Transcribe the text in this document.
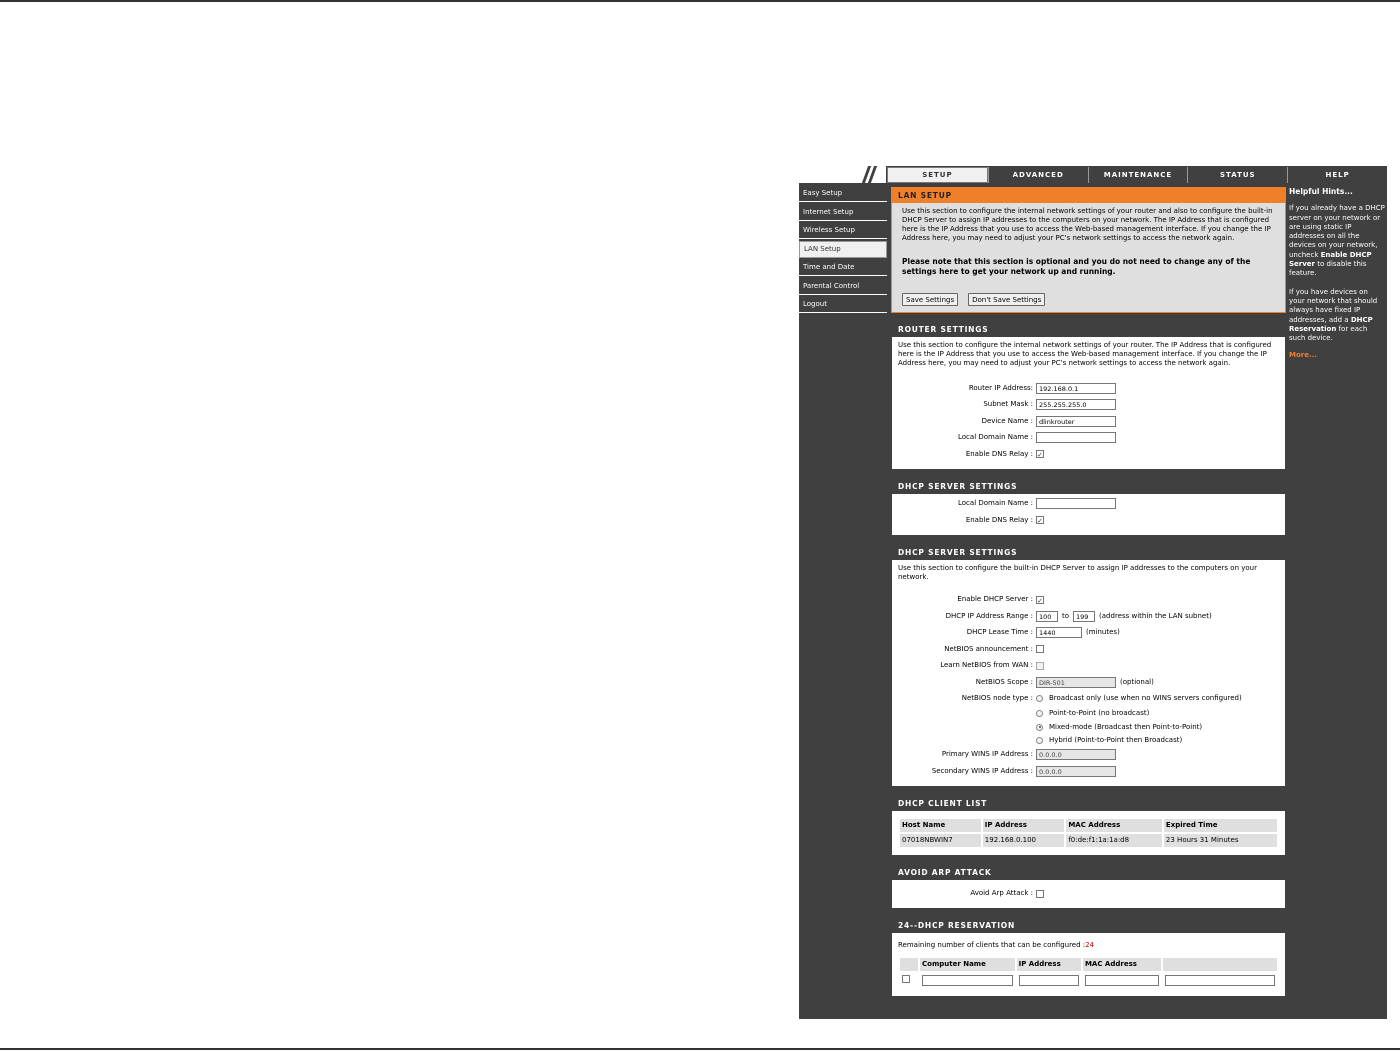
SETUP	ADVANCED	MAINTENANCE	STATUS	HELP
Easy Setup
Internet Setup
Wireless Setup
LAN Setup
Time and Date
Parental Control
Logout
LAN SETUP
Use this section to configure the internal network settings of your router and also to configure the built-in DHCP Server to assign IP addresses to the computers on your network. The IP Address that is configured here is the IP Address that you use to access the Web-based management interface. If you change the IP Address here, you may need to adjust your PC's network settings to access the network again.
Please note that this section is optional and you do not need to change any of the settings here to get your network up and running.
Save Settings	Don't Save Settings
ROUTER SETTINGS
Use this section to configure the internal network settings of your router. The IP Address that is configured here is the IP Address that you use to access the Web-based management interface. If you change the IP Address here, you may need to adjust your PC's network settings to access the network again.
Router IP Address: 192.168.0.1
Subnet Mask : 255.255.255.0
Device Name : dlinkrouter
Local Domain Name :
Enable DNS Relay : ✓
DHCP SERVER SETTINGS
Local Domain Name :
Enable DNS Relay : ✓
DHCP SERVER SETTINGS
Use this section to configure the built-in DHCP Server to assign IP addresses to the computers on your network.
Enable DHCP Server : ✓
DHCP IP Address Range : 100	to	199	(address within the LAN subnet)
DHCP Lease Time : 1440	(minutes)
NetBIOS announcement :
Learn NetBIOS from WAN :
NetBIOS Scope : DIR-501	(optional)
NetBIOS node type :	Broadcast only (use when no WINS servers configured)
Point-to-Point (no broadcast)
Mixed-mode (Broadcast then Point-to-Point)
Hybrid (Point-to-Point then Broadcast)
Primary WINS IP Address : 0.0.0.0
Secondary WINS IP Address : 0.0.0.0
DHCP CLIENT LIST
Host Name	IP Address	MAC Address	Expired Time
07018NBWIN7	192.168.0.100	f0:de:f1:1a:1a:d8	23 Hours 31 Minutes
AVOID ARP ATTACK
Avoid Arp Attack :
24--DHCP RESERVATION
Remaining number of clients that can be configured :24
	Computer Name	IP Address	MAC Address	

Helpful Hints...
If you already have a DHCP server on your network or are using static IP addresses on all the devices on your network, uncheck Enable DHCP Server to disable this feature.
If you have devices on your network that should always have fixed IP addresses, add a DHCP Reservation for each such device.
More...
